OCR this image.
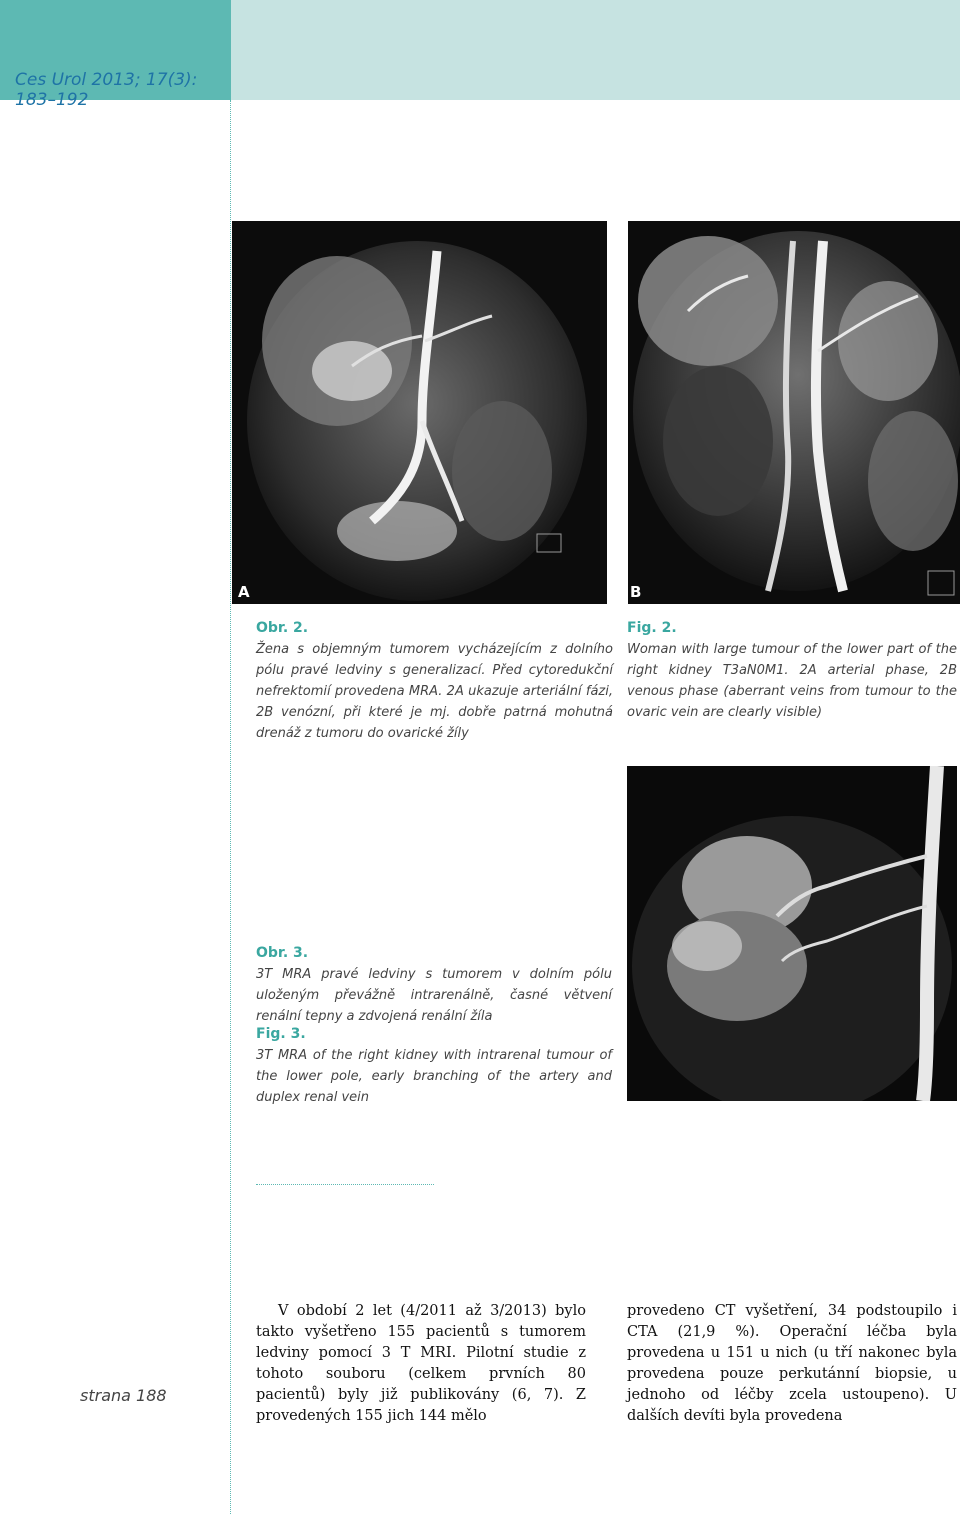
Ces Urol 2013; 17(3): 183–192
A	B
Obr. 2.
Žena s objemným tumorem vycházejícím z dolního pólu pravé ledviny s generalizací. Před cytoredukční nefrektomií provedena MRA. 2A ukazuje arteriální fázi, 2B venózní, při které je mj. dobře patrná mohutná drenáž z tumoru do ovarické žíly
Fig. 2.
Woman with large tumour of the lower part of the right kidney T3aN0M1. 2A arterial phase, 2B venous phase (aberrant veins from tumour to the ovaric vein are clearly visible)
Obr. 3.
3T MRA pravé ledviny s tumorem v dolním pólu uloženým převážně intrarenálně, časné větvení renální tepny a zdvojená renální žíla
Fig. 3.
3T MRA of the right kidney with intrarenal tumour of the lower pole, early branching of the artery and duplex renal vein
strana 188

V období 2 let (4/2011 až 3/2013) bylo takto vyšetřeno 155 pacientů s tumorem ledviny pomocí 3 T MRI. Pilotní studie z tohoto souboru (celkem prvních 80 pacientů) byly již publikovány (6, 7). Z provedených 155 jich 144 mělo

provedeno CT vyšetření, 34 podstoupilo i CTA (21,9 %). Operační léčba byla provedena u 151 u nich (u tří nakonec byla provedena pouze perkutánní biopsie, u jednoho od léčby zcela ustoupeno). U dalších devíti byla provedena
